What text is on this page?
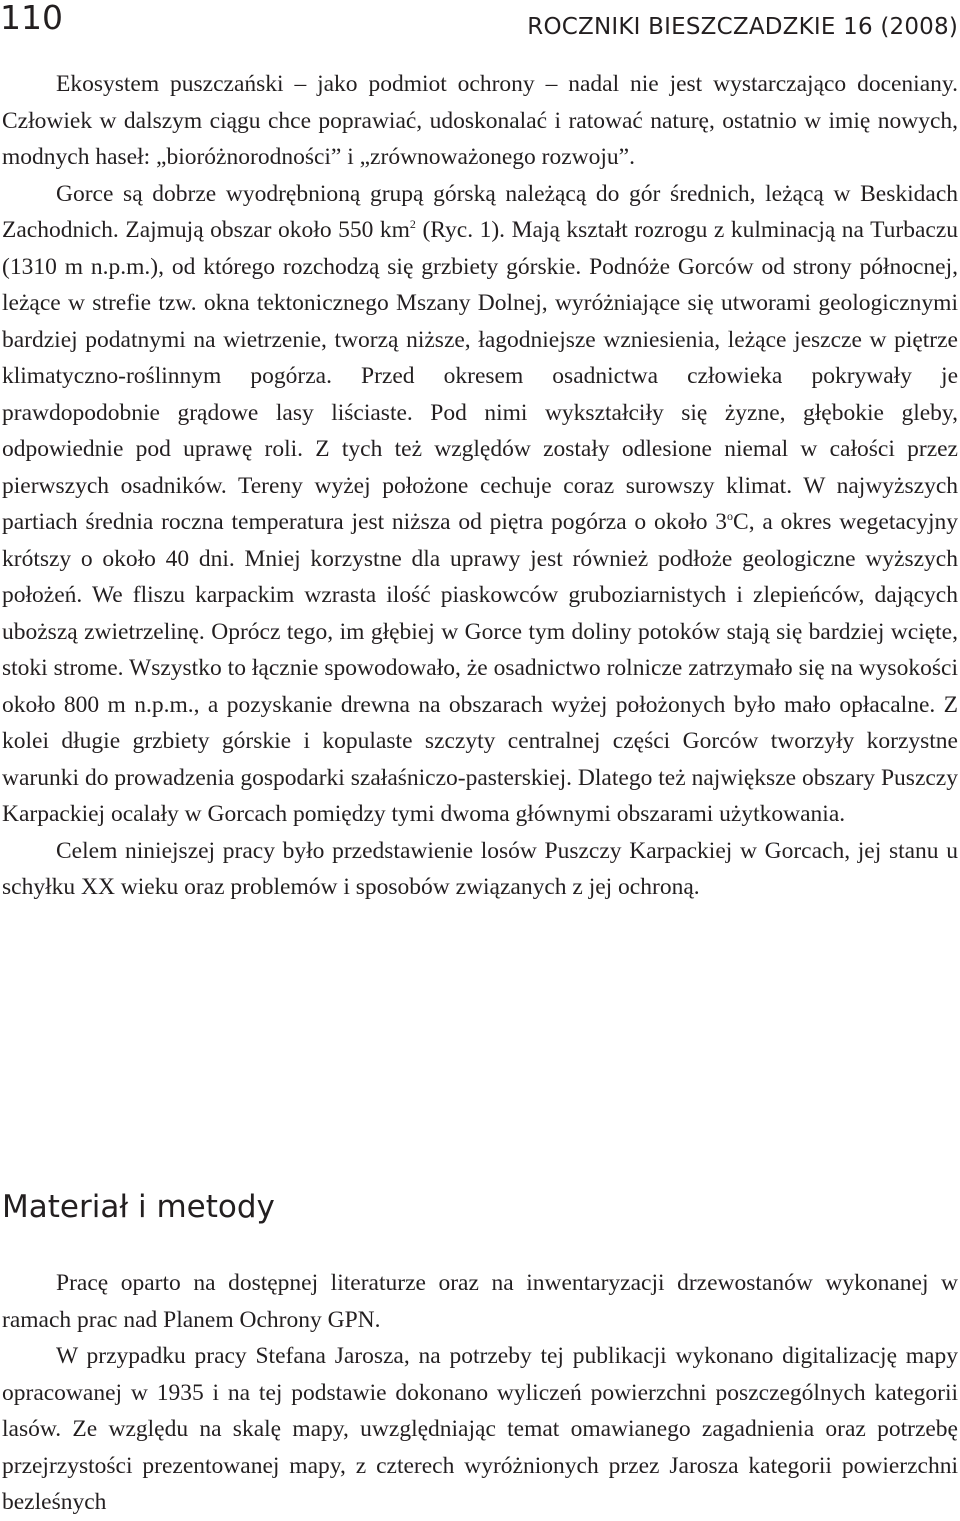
110	ROCZNIKI BIESZCZADZKIE 16 (2008)

Ekosystem puszczański – jako podmiot ochrony – nadal nie jest wystarczająco doceniany. Człowiek w dalszym ciągu chce poprawiać, udoskonalać i ratować naturę, ostatnio w imię nowych, modnych haseł: „bioróżnorodności” i „zrównoważonego rozwoju”.

Gorce są dobrze wyodrębnioną grupą górską należącą do gór średnich, leżącą w Beskidach Zachodnich. Zajmują obszar około 550 $km^2$ (Ryc. 1). Mają kształt rozrogu z kulminacją na Turbaczu (1310 m n.p.m.), od którego rozchodzą się grzbiety górskie. Podnóże Gorców od strony północnej, leżące w strefie tzw. okna tektonicznego Mszany Dolnej, wyróżniające się utworami geologicznymi bardziej podatnymi na wietrzenie, tworzą niższe, łagodniejsze wzniesienia, leżące jeszcze w piętrze klimatyczno-roślinnym pogórza. Przed okresem osadnictwa człowieka pokrywały je prawdopodobnie grądowe lasy liściaste. Pod nimi wykształciły się żyzne, głębokie gleby, odpowiednie pod uprawę roli. Z tych też względów zostały odlesione niemal w całości przez pierwszych osadników. Tereny wyżej położone cechuje coraz surowszy klimat. W najwyższych partiach średnia roczna temperatura jest niższa od piętra pogórza o około 3$^o$C, a okres wegetacyjny krótszy o około 40 dni. Mniej korzystne dla uprawy jest również podłoże geologiczne wyższych położeń. We fliszu karpackim wzrasta ilość piaskowców gruboziarnistych i zlepieńców, dających uboższą zwietrzelinę. Oprócz tego, im głębiej w Gorce tym doliny potoków stają się bardziej wcięte, stoki strome. Wszystko to łącznie spowodowało, że osadnictwo rolnicze zatrzymało się na wysokości około 800 m n.p.m., a pozyskanie drewna na obszarach wyżej położonych było mało opłacalne. Z kolei długie grzbiety górskie i kopulaste szczyty centralnej części Gorców tworzyły korzystne warunki do prowadzenia gospodarki szałaśniczo-pasterskiej. Dlatego też największe obszary Puszczy Karpackiej ocalały w Gorcach pomiędzy tymi dwoma głównymi obszarami użytkowania.

Celem niniejszej pracy było przedstawienie losów Puszczy Karpackiej w Gorcach, jej stanu u schyłku XX wieku oraz problemów i sposobów związanych z jej ochroną.

Materiał i metody

Pracę oparto na dostępnej literaturze oraz na inwentaryzacji drzewostanów wykonanej w ramach prac nad Planem Ochrony GPN.

W przypadku pracy Stefana Jarosza, na potrzeby tej publikacji wykonano digitalizację mapy opracowanej w 1935 i na tej podstawie dokonano wyliczeń powierzchni poszczególnych kategorii lasów. Ze względu na skalę mapy, uwzględniając temat omawianego zagadnienia oraz potrzebę przejrzystości prezentowanej mapy, z czterech wyróżnionych przez Jarosza kategorii powierzchni bezleśnych
